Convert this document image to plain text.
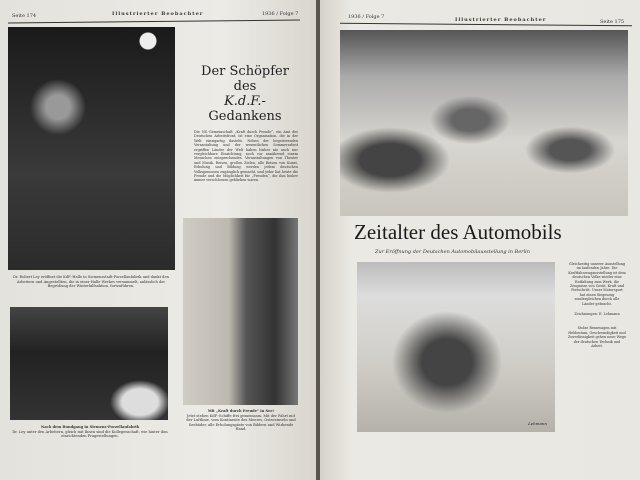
Seite 174	Illustrierter Beobachter	1936 / Folge 7
Dr. Robert Ley eröffnet die KdF.-Halle in Siemensstadt-Porzellanfabrik und dankt den Arbeitern und Angestellten, die in einer Halle Werkes versammelt, anlässlich der Begrüßung der Winterhilfsaktion, fortzuführen.
Der Schöpfer
des
K.d.F.-
Gedankens
Die NS.-Gemeinschaft „Kraft durch Freude“, ein Amt der Deutschen Arbeitsfront, ist eine Organisation, die in der Welt einzigartig dasteht. Neben der begeisternden Veranstaltung und der wesentlichen Sommerarbeit ergriffen Länder der Welt haben bisher nie auch nur vergleichbare Einrichtung, noch vor annähernd einem Menschen entsprechendes. Veranstaltungen von Theater und Musik, Reisen, großen Zielen, alle Reisen von Kunst, Erholung und Bildung werden jedem deutschen Volksgenossen zugänglich gemacht, und jeder hat heute die Freude und die Möglichkeit für „Freuden“, die ihm bisher immer verschlossen geblieben waren.
Mit „Kraft durch Freude“ in See!
Jetzt stehen KdF.-Schiffe frei gemeinsam. Mit der Fahrt mit der Luftlinie, vom Kontinente des Meeres, Ostseeinseln und Seebäder, alle Erholungsgäste von Bildern und Wirkende Hand.
Nach dem Rundgang in Siemens-Porzellanfabrik
Dr. Ley unter den Arbeitern, gleich mit Ihnen sind die Kollegenschaft, wie hinter ihm einrichtenden Fragestellungen.
1936 / Folge 7	Illustrierter Beobachter	Seite 175
Zeitalter des Automobils
Zur Eröffnung der Deutschen Automobilausstellung in Berlin
Lehmann
Gleichzeitig unserer Ausstellung im laufenden Jahre. Die Kraftfahrzeugausstellung ist dem deutschen Volke wieder eine Entfaltung zum Werk, die Zeugnisse von Gerät, Kraft und Fortschritt. Unser Motorsport hat einen Siegeszug sondergleichen durch alle Länder gebracht.
Zeichnungen: E. Lehmann
Stolze Rennwagen mit Heldentum, Geschwindigkeit und Zuverlässigkeit gehen neue Wege der deutschen Technik und Arbeit.
